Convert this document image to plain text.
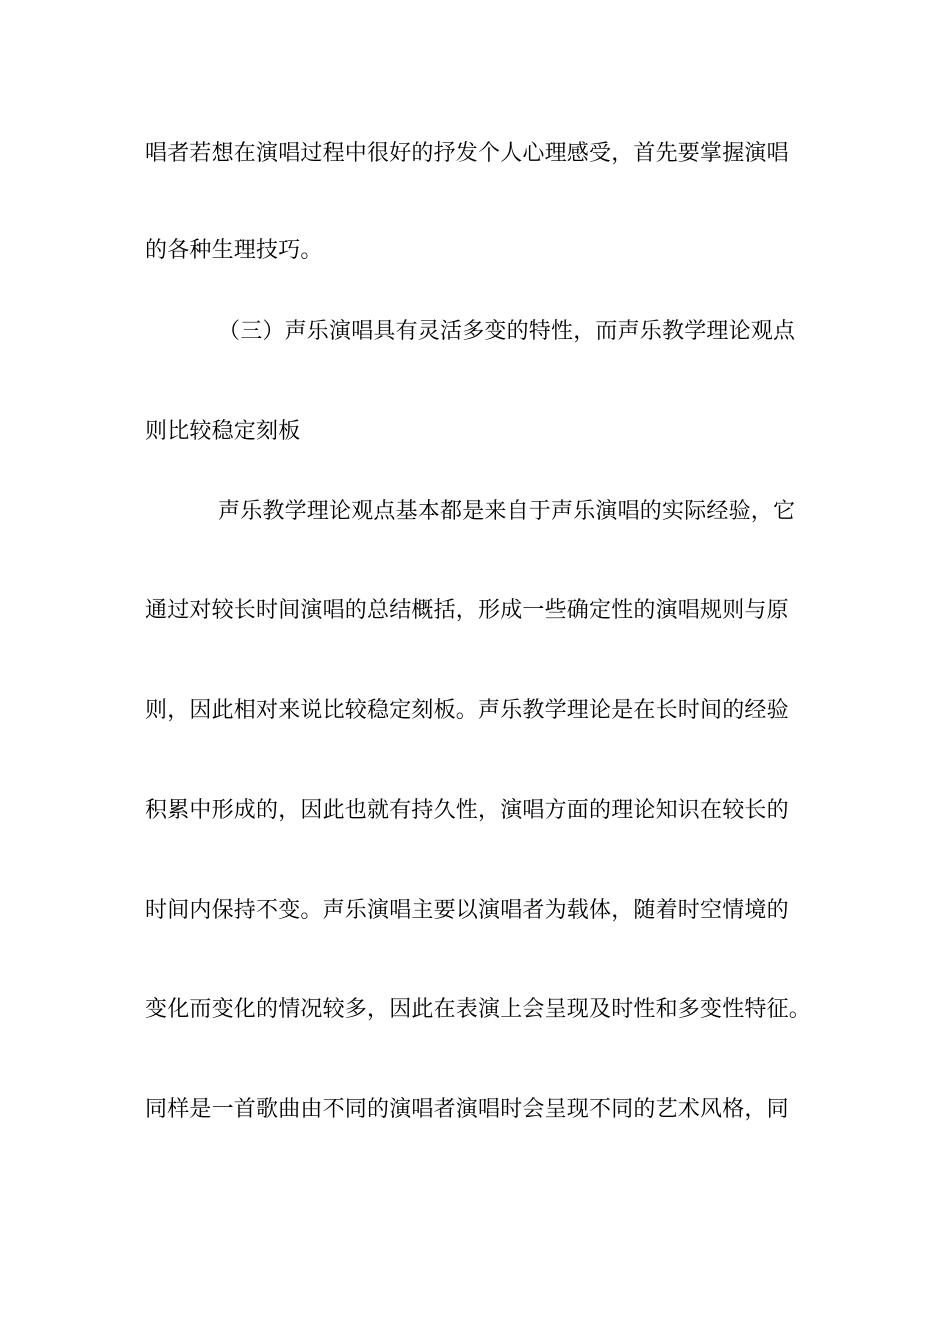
唱者若想在演唱过程中很好的抒发个人心理感受，首先要掌握演唱
的各种生理技巧。
（三）声乐演唱具有灵活多变的特性，而声乐教学理论观点
则比较稳定刻板
声乐教学理论观点基本都是来自于声乐演唱的实际经验，它
通过对较长时间演唱的总结概括，形成一些确定性的演唱规则与原
则，因此相对来说比较稳定刻板。声乐教学理论是在长时间的经验
积累中形成的，因此也就有持久性，演唱方面的理论知识在较长的
时间内保持不变。声乐演唱主要以演唱者为载体，随着时空情境的
变化而变化的情况较多，因此在表演上会呈现及时性和多变性特征。
同样是一首歌曲由不同的演唱者演唱时会呈现不同的艺术风格，同
